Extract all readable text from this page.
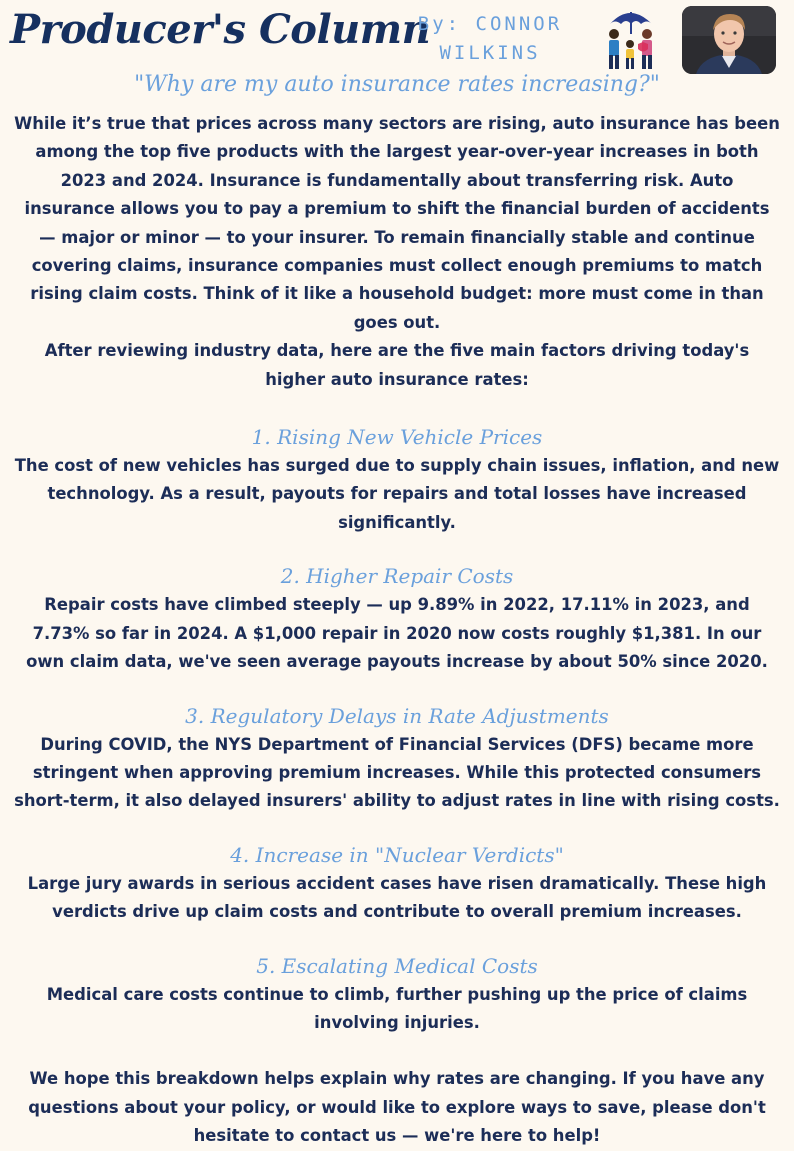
Producer's Column
By: CONNOR
WILKINS
"Why are my auto insurance rates increasing?"

While it’s true that prices across many sectors are rising, auto insurance has been among the top five products with the largest year-over-year increases in both 2023 and 2024. Insurance is fundamentally about transferring risk. Auto insurance allows you to pay a premium to shift the financial burden of accidents — major or minor — to your insurer. To remain financially stable and continue covering claims, insurance companies must collect enough premiums to match rising claim costs. Think of it like a household budget: more must come in than goes out.

After reviewing industry data, here are the five main factors driving today's higher auto insurance rates:

1. Rising New Vehicle Prices

The cost of new vehicles has surged due to supply chain issues, inflation, and new technology. As a result, payouts for repairs and total losses have increased significantly.

2. Higher Repair Costs

Repair costs have climbed steeply — up 9.89% in 2022, 17.11% in 2023, and 7.73% so far in 2024. A $1,000 repair in 2020 now costs roughly $1,381. In our own claim data, we've seen average payouts increase by about 50% since 2020.

3. Regulatory Delays in Rate Adjustments

During COVID, the NYS Department of Financial Services (DFS) became more stringent when approving premium increases. While this protected consumers short-term, it also delayed insurers' ability to adjust rates in line with rising costs.

4. Increase in "Nuclear Verdicts"

Large jury awards in serious accident cases have risen dramatically. These high verdicts drive up claim costs and contribute to overall premium increases.

5. Escalating Medical Costs

Medical care costs continue to climb, further pushing up the price of claims involving injuries.

We hope this breakdown helps explain why rates are changing. If you have any questions about your policy, or would like to explore ways to save, please don't hesitate to contact us — we're here to help!
